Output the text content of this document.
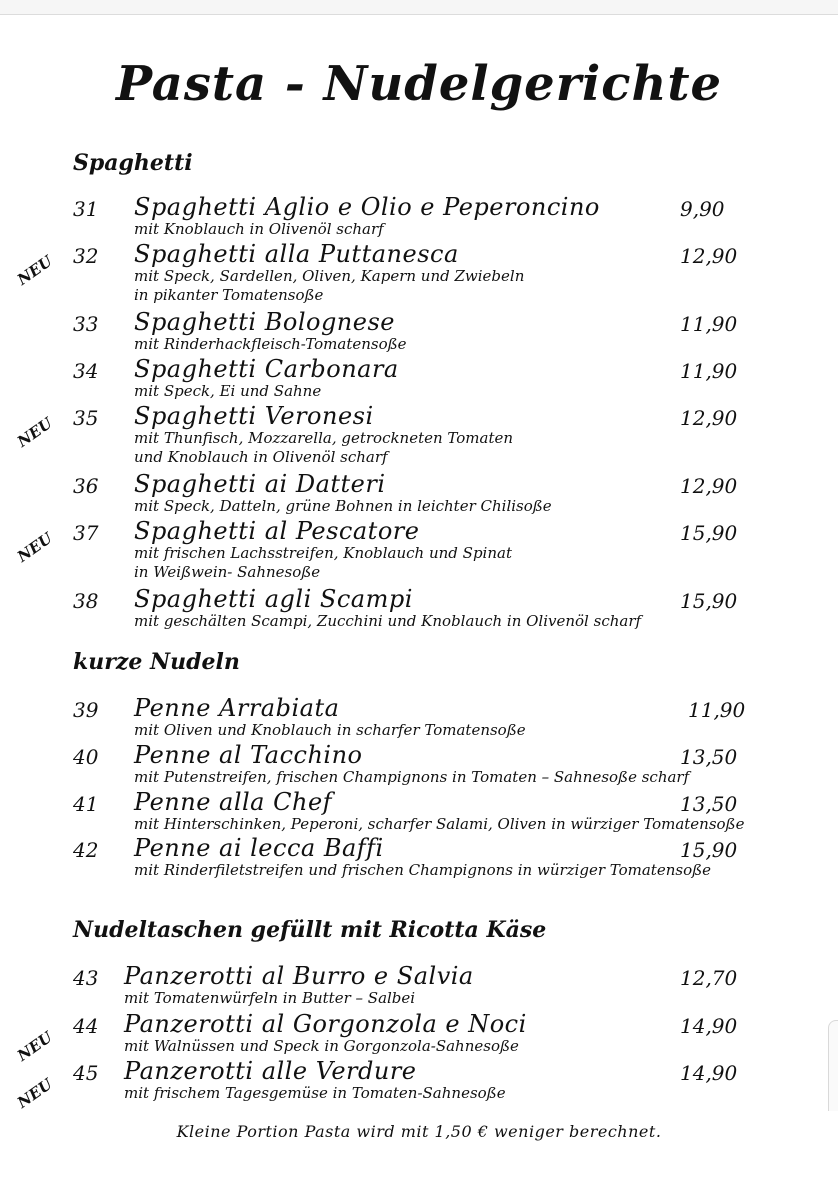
Pasta - Nudelgerichte
Spaghetti
31 Spaghetti Aglio e Olio e Peperoncino	9,90
mit Knoblauch in Olivenöl scharf
NEU 32 Spaghetti alla Puttanesca	12,90
mit Speck, Sardellen, Oliven, Kapern und Zwiebeln
in pikanter Tomatensoße
33 Spaghetti Bolognese	11,90
mit Rinderhackfleisch-Tomatensoße
34 Spaghetti Carbonara	11,90
mit Speck, Ei und Sahne
NEU 35 Spaghetti Veronesi	12,90
mit Thunfisch, Mozzarella, getrockneten Tomaten
und Knoblauch in Olivenöl scharf
36 Spaghetti ai Datteri	12,90
mit Speck, Datteln, grüne Bohnen in leichter Chilisoße
NEU 37 Spaghetti al Pescatore	15,90
mit frischen Lachsstreifen, Knoblauch und Spinat
in Weißwein- Sahnesoße
38 Spaghetti agli Scampi	15,90
mit geschälten Scampi, Zucchini und Knoblauch in Olivenöl scharf
kurze Nudeln
39 Penne Arrabiata	11,90
mit Oliven und Knoblauch in scharfer Tomatensoße
40 Penne al Tacchino	13,50
mit Putenstreifen, frischen Champignons in Tomaten – Sahnesoße scharf
41 Penne alla Chef	13,50
mit Hinterschinken, Peperoni, scharfer Salami, Oliven in würziger Tomatensoße
42 Penne ai lecca Baffi	15,90
mit Rinderfiletstreifen und frischen Champignons in würziger Tomatensoße
Nudeltaschen gefüllt mit Ricotta Käse
43 Panzerotti al Burro e Salvia	12,70
mit Tomatenwürfeln in Butter – Salbei
NEU
44 Panzerotti al Gorgonzola e Noci	14,90
mit Walnüssen und Speck in Gorgonzola-Sahnesoße
NEU
45 Panzerotti alle Verdure	14,90
mit frischem Tagesgemüse in Tomaten-Sahnesoße
Kleine Portion Pasta wird mit 1,50 € weniger berechnet.
